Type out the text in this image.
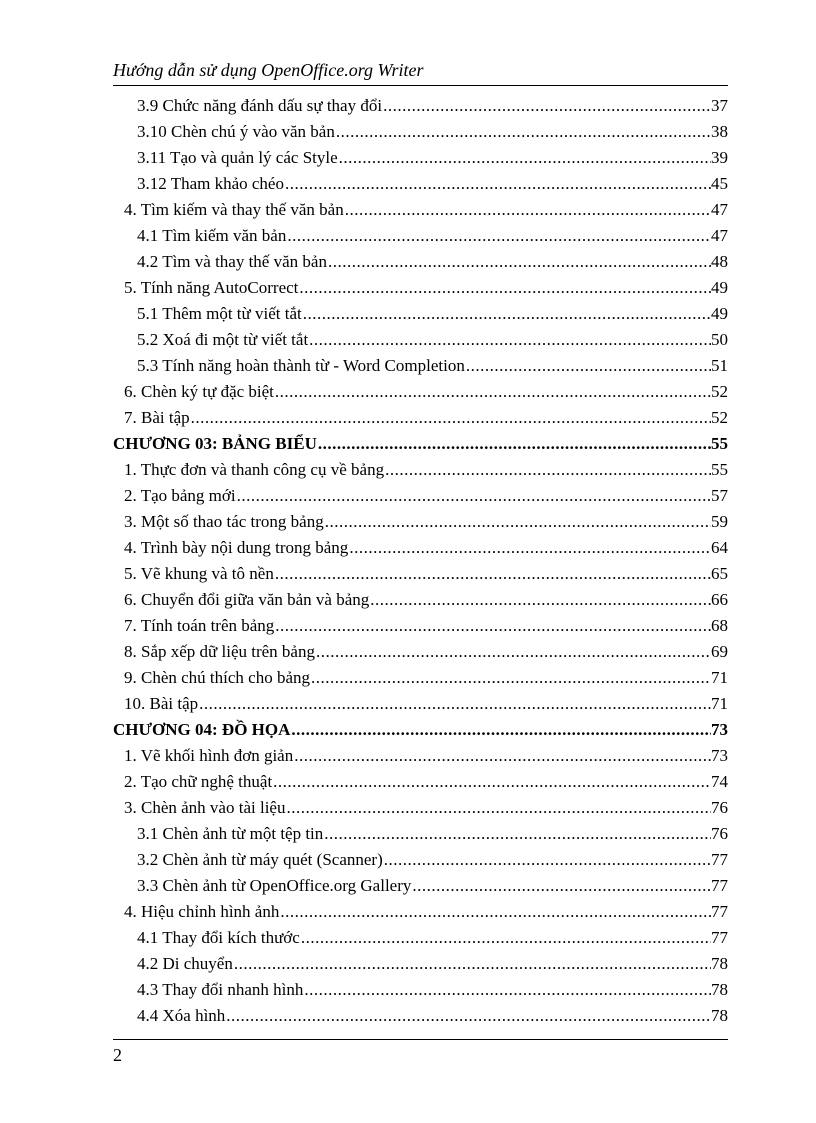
Hướng dẫn sử dụng OpenOffice.org Writer
3.9 Chức năng đánh dấu sự thay đổi .....	37
3.10 Chèn chú ý vào văn bản .....	38
3.11 Tạo và quản lý các Style .....	39
3.12 Tham khảo chéo .....	45
4. Tìm kiếm và thay thế văn bản .....	47
4.1 Tìm kiếm văn bản .....	47
4.2 Tìm và thay thế văn bản .....	48
5. Tính năng AutoCorrect .....	49
5.1 Thêm một từ viết tắt .....	49
5.2 Xoá đi một từ viết tắt .....	50
5.3 Tính năng hoàn thành từ - Word Completion .....	51
6. Chèn ký tự đặc biệt .....	52
7. Bài tập .....	52
CHƯƠNG 03: BẢNG BIỂU .....	55
1. Thực đơn và thanh công cụ về bảng .....	55
2. Tạo bảng mới .....	57
3. Một số thao tác trong bảng .....	59
4. Trình bày nội dung trong bảng .....	64
5. Vẽ khung và tô nền .....	65
6. Chuyển đổi giữa văn bản và bảng .....	66
7. Tính toán trên bảng .....	68
8. Sắp xếp dữ liệu trên bảng .....	69
9. Chèn chú thích cho bảng .....	71
10. Bài tập .....	71
CHƯƠNG 04: ĐỒ HỌA .....	73
1. Vẽ khối hình đơn giản .....	73
2. Tạo chữ nghệ thuật .....	74
3. Chèn ảnh vào tài liệu .....	76
3.1 Chèn ảnh từ một tệp tin .....	76
3.2 Chèn ảnh từ máy quét (Scanner) .....	77
3.3 Chèn ảnh từ OpenOffice.org Gallery .....	77
4. Hiệu chỉnh hình ảnh .....	77
4.1 Thay đổi kích thước .....	77
4.2 Di chuyển .....	78
4.3 Thay đổi nhanh hình .....	78
4.4 Xóa hình .....	78
2
